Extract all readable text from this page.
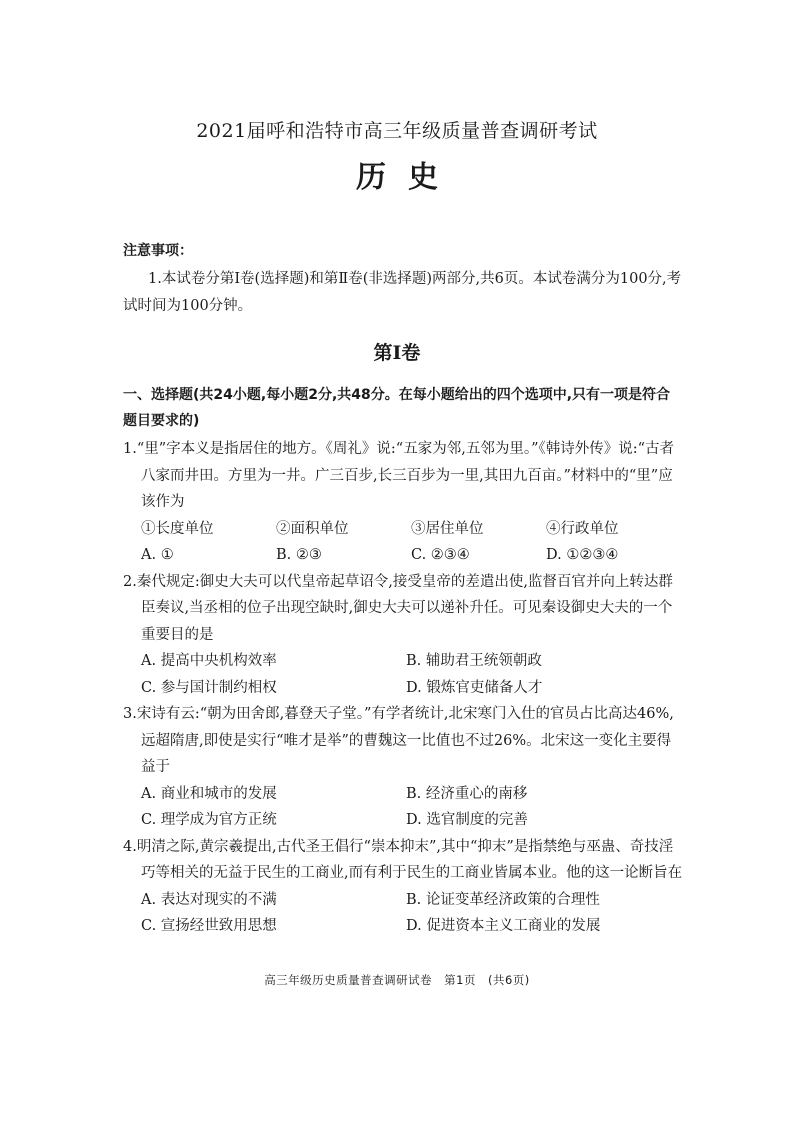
2021届呼和浩特市高三年级质量普查调研考试
历史
注意事项：
1.本试卷分第Ⅰ卷(选择题)和第Ⅱ卷(非选择题)两部分,共6页。本试卷满分为100分,考试时间为100分钟。
第Ⅰ卷
一、选择题(共24小题,每小题2分,共48分。在每小题给出的四个选项中,只有一项是符合题目要求的)
1.“里”字本义是指居住的地方。《周礼》说:“五家为邻,五邻为里。”《韩诗外传》说:“古者八家而井田。方里为一井。广三百步,长三百步为一里,其田九百亩。”材料中的“里”应该作为
①长度单位	②面积单位	③居住单位	④行政单位
A. ①	B. ②③	C. ②③④	D. ①②③④
2.秦代规定:御史大夫可以代皇帝起草诏令,接受皇帝的差遣出使,监督百官并向上转达群臣奏议,当丞相的位子出现空缺时,御史大夫可以递补升任。可见秦设御史大夫的一个重要目的是
A. 提高中央机构效率	B. 辅助君王统领朝政
C. 参与国计制约相权	D. 锻炼官吏储备人才
3.宋诗有云:“朝为田舍郎,暮登天子堂。”有学者统计,北宋寒门入仕的官员占比高达46%,远超隋唐,即使是实行“唯才是举”的曹魏这一比值也不过26%。北宋这一变化主要得益于
A. 商业和城市的发展	B. 经济重心的南移
C. 理学成为官方正统	D. 选官制度的完善
4.明清之际,黄宗羲提出,古代圣王倡行“崇本抑末”,其中“抑末”是指禁绝与巫蛊、奇技淫巧等相关的无益于民生的工商业,而有利于民生的工商业皆属本业。他的这一论断旨在
A. 表达对现实的不满	B. 论证变革经济政策的合理性
C. 宣扬经世致用思想	D. 促进资本主义工商业的发展
高三年级历史质量普查调研试卷　第1页　(共6页)
